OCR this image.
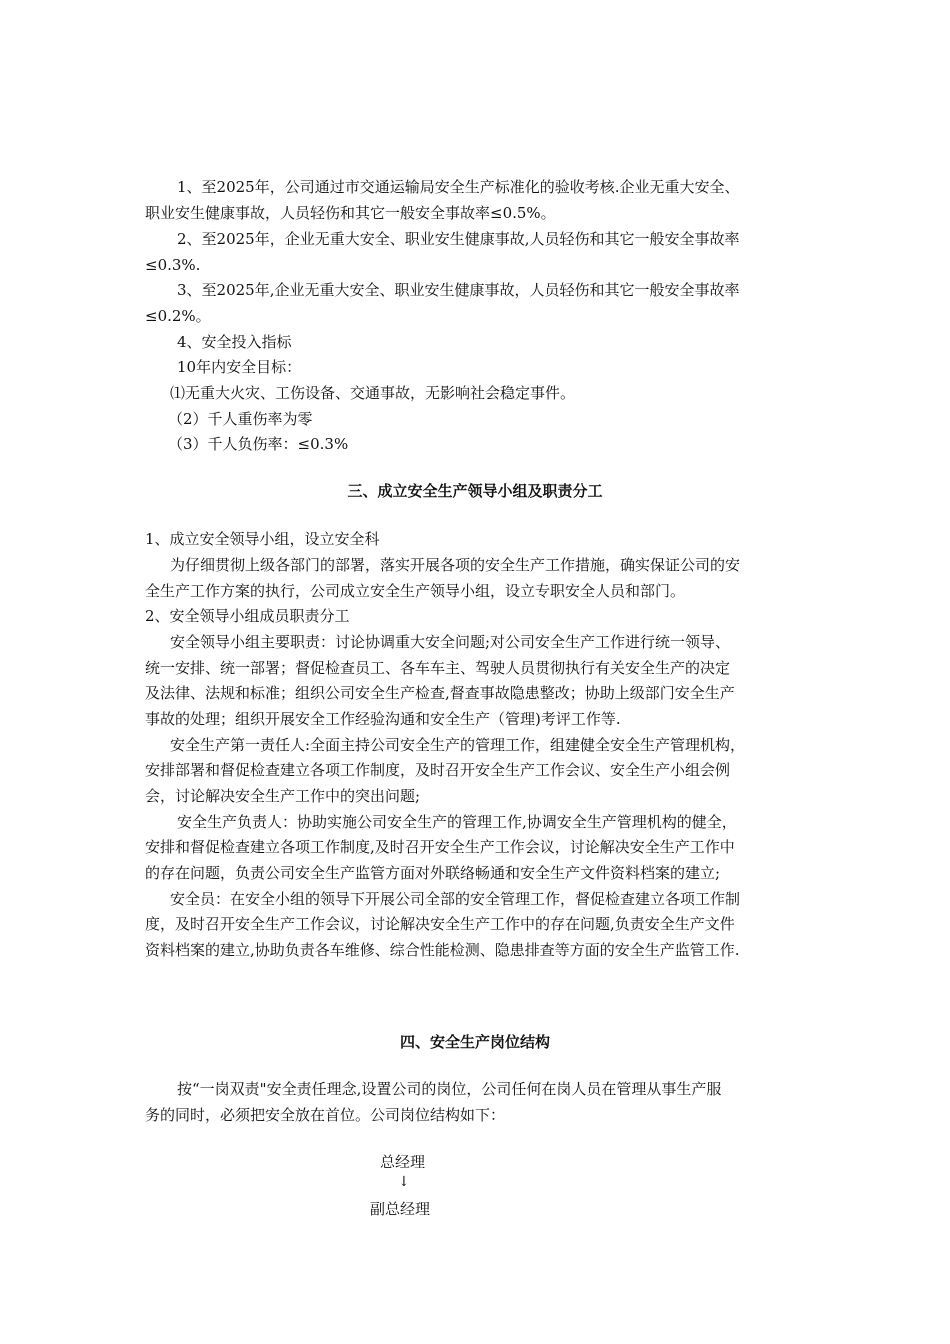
1、至2025年，公司通过市交通运输局安全生产标准化的验收考核.企业无重大安全、
职业安生健康事故，人员轻伤和其它一般安全事故率≤0.5%。
2、至2025年，企业无重大安全、职业安生健康事故,人员轻伤和其它一般安全事故率
≤0.3%.
3、至2025年,企业无重大安全、职业安生健康事故，人员轻伤和其它一般安全事故率
≤0.2%。
4、安全投入指标
10年内安全目标：
⑴无重大火灾、工伤设备、交通事故，无影响社会稳定事件。
（2）千人重伤率为零
（3）千人负伤率：≤0.3%
三、成立安全生产领导小组及职责分工
1、成立安全领导小组，设立安全科
为仔细贯彻上级各部门的部署，落实开展各项的安全生产工作措施，确实保证公司的安
全生产工作方案的执行，公司成立安全生产领导小组，设立专职安全人员和部门。
2、安全领导小组成员职责分工
安全领导小组主要职责：讨论协调重大安全问题;对公司安全生产工作进行统一领导、
统一安排、统一部署；督促检查员工、各车车主、驾驶人员贯彻执行有关安全生产的决定
及法律、法规和标准；组织公司安全生产检查,督查事故隐患整改；协助上级部门安全生产
事故的处理；组织开展安全工作经验沟通和安全生产（管理)考评工作等.
安全生产第一责任人:全面主持公司安全生产的管理工作，组建健全安全生产管理机构，
安排部署和督促检查建立各项工作制度，及时召开安全生产工作会议、安全生产小组会例
会，讨论解决安全生产工作中的突出问题;
安全生产负责人：协助实施公司安全生产的管理工作,协调安全生产管理机构的健全，
安排和督促检查建立各项工作制度,及时召开安全生产工作会议，讨论解决安全生产工作中
的存在问题，负责公司安全生产监管方面对外联络畅通和安全生产文件资料档案的建立;
安全员：在安全小组的领导下开展公司全部的安全管理工作，督促检查建立各项工作制
度，及时召开安全生产工作会议，讨论解决安全生产工作中的存在问题,负责安全生产文件
资料档案的建立,协助负责各车维修、综合性能检测、隐患排查等方面的安全生产监管工作.
四、安全生产岗位结构
按“一岗双责"安全责任理念,设置公司的岗位，公司任何在岗人员在管理从事生产服
务的同时，必须把安全放在首位。公司岗位结构如下：
总经理
↓
副总经理
